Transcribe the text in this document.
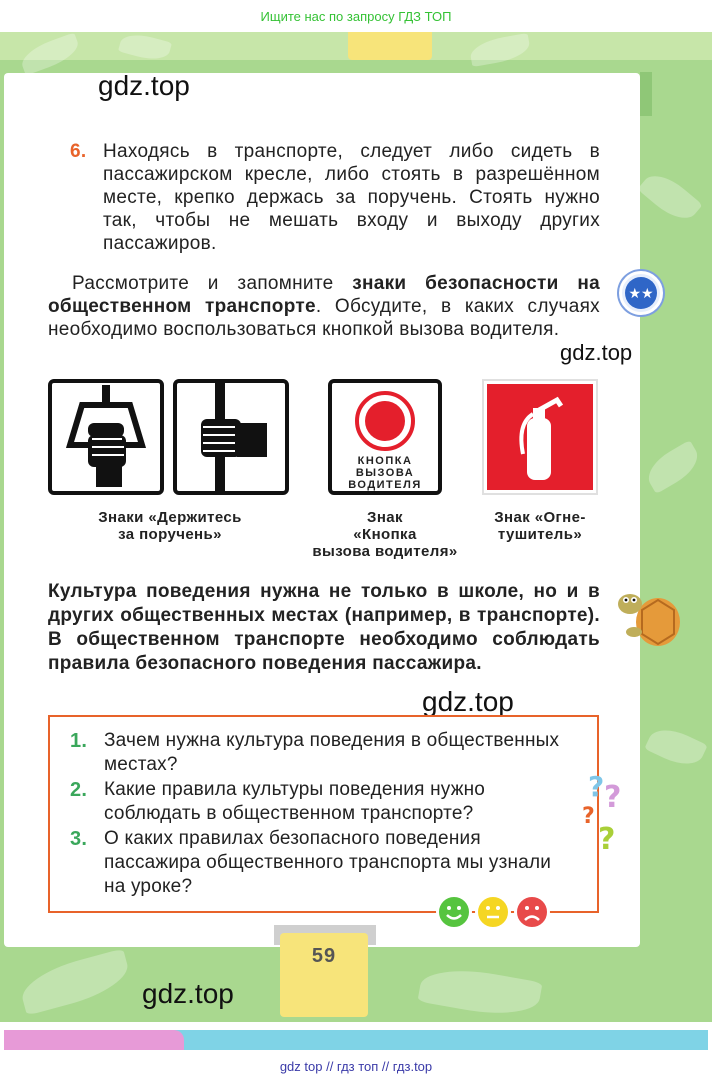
Ищите нас по запросу ГДЗ ТОП
gdz.top
6. Находясь в транспорте, следует либо сидеть в пассажирском кресле, либо стоять в разрешённом месте, крепко держась за поручень. Стоять нужно так, чтобы не мешать входу и выходу других пассажиров.
Рассмотрите и запомните знаки безопасности на общественном транспорте. Обсудите, в каких случаях необходимо воспользоваться кнопкой вызова водителя.
★★
gdz.top
КНОПКА
ВЫЗОВА
ВОДИТЕЛЯ
Знаки «Держитесь
за поручень»
Знак
«Кнопка
вызова водителя»
Знак «Огне-
тушитель»
Культура поведения нужна не только в школе, но и в других общественных местах (например, в транспорте). В общественном транспорте необходимо соблюдать правила безопасного поведения пассажира.
gdz.top
1. Зачем нужна культура поведения в общественных местах?
2. Какие правила культуры поведения нужно соблюдать в общественном транспорте?
3. О каких правилах безопасного поведения пассажира общественного транспорта мы узнали на уроке?
? ?
?
?
59
gdz.top
gdz top // гдз топ // гдз.top
